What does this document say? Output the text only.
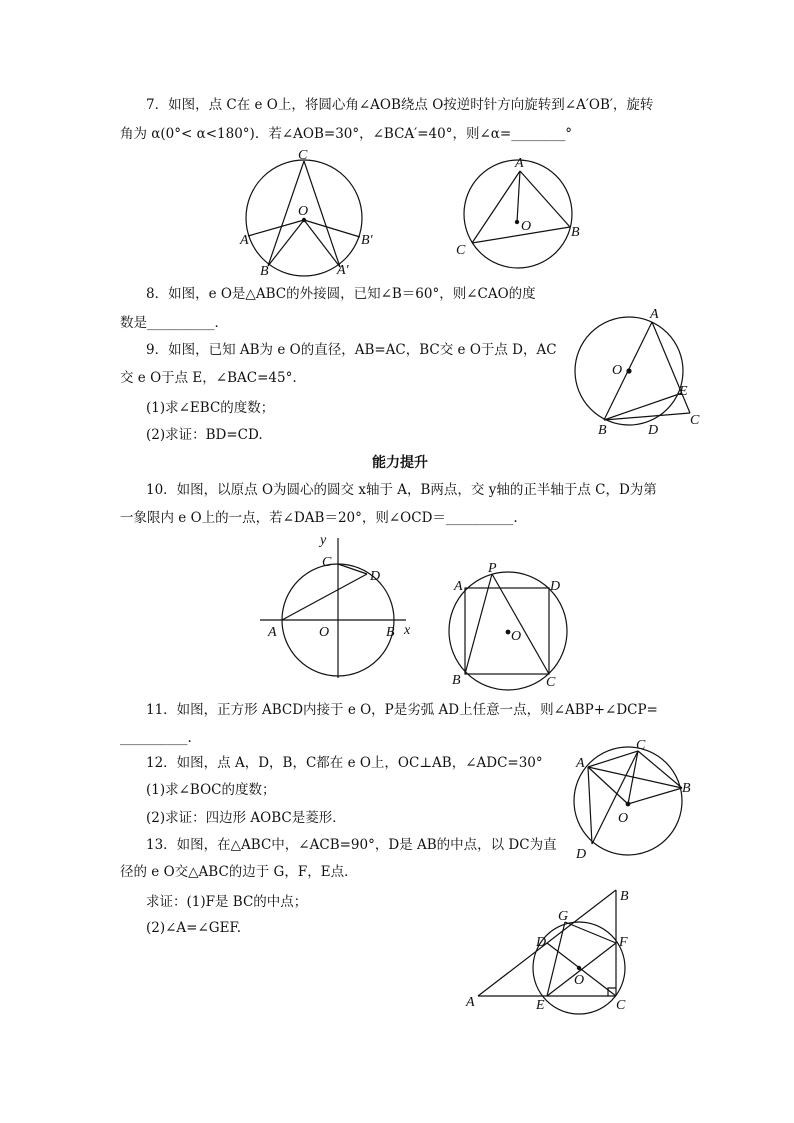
7．如图，点 C在 e O上，将圆心角∠AOB绕点 O按逆时针方向旋转到∠A′OB′，旋转
角为 α(0°< α<180°)．若∠AOB=30°，∠BCA′=40°，则∠α=________°
C
O
A
B
B′
A′
A
O
C
B
8．如图，e O是△ABC的外接圆，已知∠B＝60°，则∠CAO的度
数是__________．
9．如图，已知 AB为 e O的直径，AB=AC，BC交 e O于点 D，AC
交 e O于点 E，∠BAC=45°.
(1)求∠EBC的度数；
(2)求证：BD=CD.
A
O
E
B	D
C
能力提升
10．如图，以原点 O为圆心的圆交 x轴于 A，B两点，交 y轴的正半轴于点 C，D为第
一象限内 e O上的一点，若∠DAB＝20°，则∠OCD＝__________.
y
x
C
D
A	O	B
A
P
D
O
B	C
11．如图，正方形 ABCD内接于 e O，P是劣弧 AD上任意一点，则∠ABP+∠DCP=
__________.
12．如图，点 A，D，B，C都在 e O上，OC⊥AB，∠ADC=30°
(1)求∠BOC的度数；
(2)求证：四边形 AOBC是菱形．
A
C
B
O
D
13．如图，在△ABC中，∠ACB=90°，D是 AB的中点，以 DC为直
径的 e O交△ABC的边于 G，F，E点．
求证：(1)F是 BC的中点；
(2)∠A=∠GEF.
B
G
D	F
O
A	E	C
